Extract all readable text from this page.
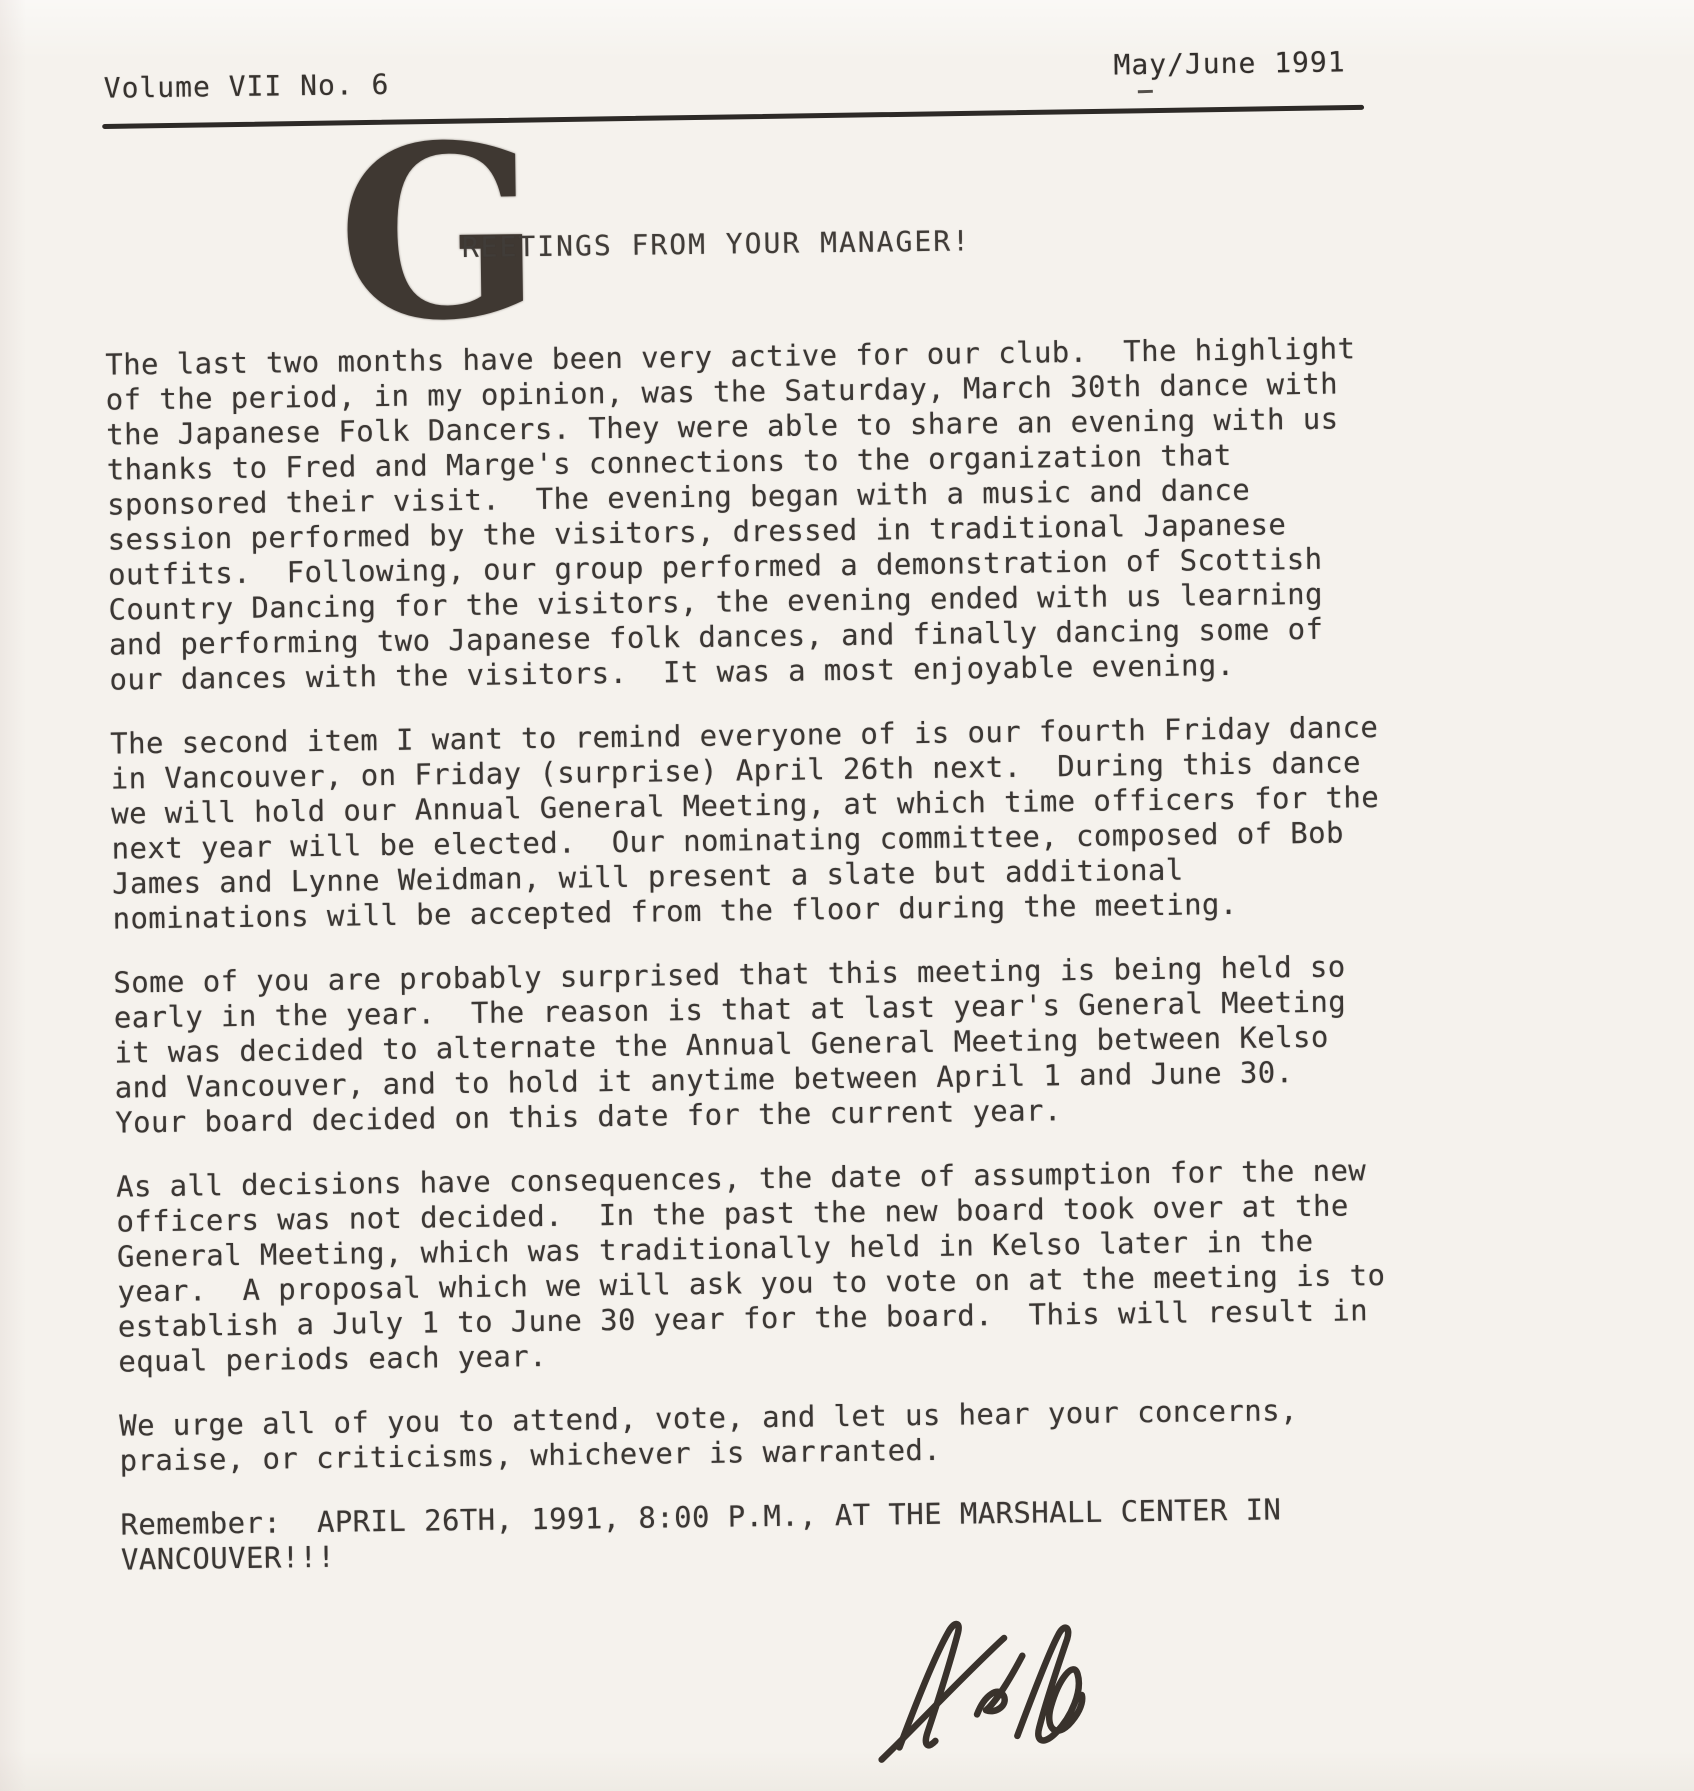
Volume VII No. 6
May/June 1991
G
REETINGS FROM YOUR MANAGER!

The last two months have been very active for our club.  The highlight
of the period, in my opinion, was the Saturday, March 30th dance with
the Japanese Folk Dancers. They were able to share an evening with us
thanks to Fred and Marge's connections to the organization that
sponsored their visit.  The evening began with a music and dance
session performed by the visitors, dressed in traditional Japanese
outfits.  Following, our group performed a demonstration of Scottish
Country Dancing for the visitors, the evening ended with us learning
and performing two Japanese folk dances, and finally dancing some of
our dances with the visitors.  It was a most enjoyable evening.

The second item I want to remind everyone of is our fourth Friday dance
in Vancouver, on Friday (surprise) April 26th next.  During this dance
we will hold our Annual General Meeting, at which time officers for the
next year will be elected.  Our nominating committee, composed of Bob
James and Lynne Weidman, will present a slate but additional
nominations will be accepted from the floor during the meeting.

Some of you are probably surprised that this meeting is being held so
early in the year.  The reason is that at last year's General Meeting
it was decided to alternate the Annual General Meeting between Kelso
and Vancouver, and to hold it anytime between April 1 and June 30.
Your board decided on this date for the current year.

As all decisions have consequences, the date of assumption for the new
officers was not decided.  In the past the new board took over at the
General Meeting, which was traditionally held in Kelso later in the
year.  A proposal which we will ask you to vote on at the meeting is to
establish a July 1 to June 30 year for the board.  This will result in
equal periods each year.

We urge all of you to attend, vote, and let us hear your concerns,
praise, or criticisms, whichever is warranted.

Remember:  APRIL 26TH, 1991, 8:00 P.M., AT THE MARSHALL CENTER IN
VANCOUVER!!!
